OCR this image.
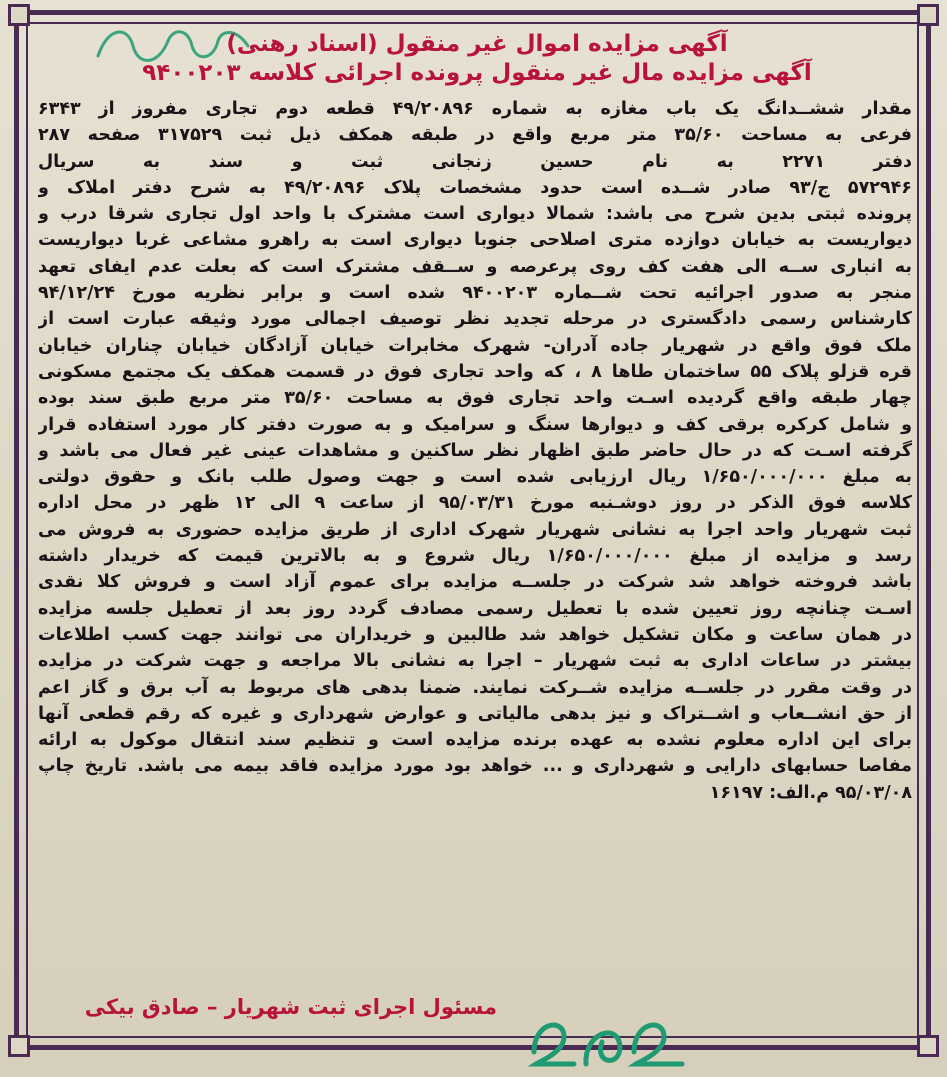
آگهی مزایده اموال غیر منقول (اسناد رهنی)
آگهی مزایده مال غیر منقول پرونده اجرائی کلاسه ۹۴۰۰۲۰۳
مقدار ششــدانگ یک باب مغازه به شماره ۴۹/۲۰۸۹۶ قطعه دوم تجاری مفروز از ۶۳۴۳
فرعی به مساحت ۳۵/۶۰ متر مربع واقع در طبقه همکف ذیل ثبت ۳۱۷۵۲۹ صفحه ۲۸۷
دفتر ۲۲۷۱ به نام حسین زنجانی ثبت و سند به سریال
۵۷۲۹۴۶ ج/۹۳ صادر شــده است حدود مشخصات پلاک ۴۹/۲۰۸۹۶ به شرح دفتر املاک و
پرونده ثبتی بدین شرح می باشد: شمالا دیواری است مشترک با واحد اول تجاری شرقا درب و
دیواریست به خیابان دوازده متری اصلاحی جنوبا دیواری است به راهرو مشاعی غربا دیواریست
به انباری ســه الی هفت کف روی پرعرصه و ســقف مشترک است که بعلت عدم ایفای تعهد
منجر به صدور اجرائیه تحت شــماره ۹۴۰۰۲۰۳ شده است و برابر نظریه مورخ ۹۴/۱۲/۲۴
کارشناس رسمی دادگستری در مرحله تجدید نظر توصیف اجمالی مورد وثیقه عبارت است از
ملک فوق واقع در شهریار جاده آدران- شهرک مخابرات خیابان آزادگان خیابان چناران خیابان
قره قزلو پلاک ۵۵ ساختمان طاها ۸ ، که واحد تجاری فوق در قسمت همکف یک مجتمع مسکونی
چهار طبقه واقع گردیده اسـت واحد تجاری فوق به مساحت ۳۵/۶۰ متر مربع طبق سند بوده
و شامل کرکره برقی کف و دیوارها سنگ و سرامیک و به صورت دفتر کار مورد استفاده قرار
گرفته اسـت که در حال حاضر طبق اظهار نظر ساکنین و مشاهدات عینی غیر فعال می باشد و
به مبلغ ۱/۶۵۰/۰۰۰/۰۰۰ ریال ارزیابی شده است و جهت وصول طلب بانک و حقوق دولتی
کلاسه فوق الذکر در روز دوشـنبه مورخ ۹۵/۰۳/۳۱ از ساعت ۹ الی ۱۲ ظهر در محل اداره
ثبت شهریار واحد اجرا به نشانی شهریار شهرک اداری از طریق مزایده حضوری به فروش می
رسد و مزایده از مبلغ ۱/۶۵۰/۰۰۰/۰۰۰ ریال شروع و به بالاترین قیمت که خریدار داشته
باشد فروخته خواهد شد شرکت در جلســه مزایده برای عموم آزاد است و فروش کلا نقدی
اسـت چنانچه روز تعیین شده با تعطیل رسمی مصادف گردد روز بعد از تعطیل جلسه مزایده
در همان ساعت و مکان تشکیل خواهد شد طالبین و خریداران می توانند جهت کسب اطلاعات
بیشتر در ساعات اداری به ثبت شهریار – اجرا به نشانی بالا مراجعه و جهت شرکت در مزایده
در وقت مقرر در جلســه مزایده شــرکت نمایند. ضمنا بدهی های مربوط به آب برق و گاز اعم
از حق انشــعاب و اشــتراک و نیز بدهی مالیاتی و عوارض شهرداری و غیره که رقم قطعی آنها
برای این اداره معلوم نشده به عهده برنده مزایده است و تنظیم سند انتقال موکول به ارائه
مفاصا حسابهای دارایی و شهرداری و ... خواهد بود مورد مزایده فاقد بیمه می باشد. تاریخ چاپ
۹۵/۰۳/۰۸ م.الف: ۱۶۱۹۷
مسئول اجرای ثبت شهریار – صادق بیکی
